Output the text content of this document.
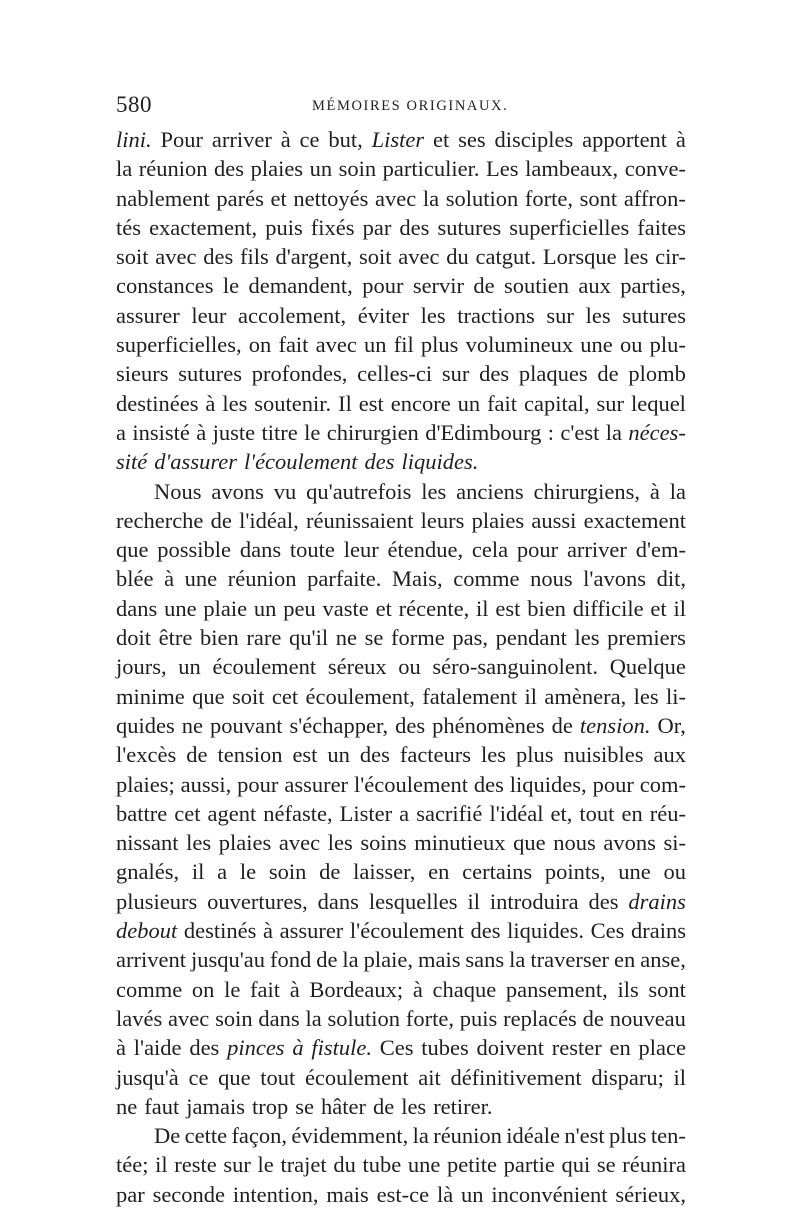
580	MÉMOIRES ORIGINAUX.
lini. Pour arriver à ce but, Lister et ses disciples apportent à
la réunion des plaies un soin particulier. Les lambeaux, conve-
nablement parés et nettoyés avec la solution forte, sont affron-
tés exactement, puis fixés par des sutures superficielles faites
soit avec des fils d'argent, soit avec du catgut. Lorsque les cir-
constances le demandent, pour servir de soutien aux parties,
assurer leur accolement, éviter les tractions sur les sutures
superficielles, on fait avec un fil plus volumineux une ou plu-
sieurs sutures profondes, celles-ci sur des plaques de plomb
destinées à les soutenir. Il est encore un fait capital, sur lequel
a insisté à juste titre le chirurgien d'Edimbourg : c'est la néces-
sité d'assurer l'écoulement des liquides.
Nous avons vu qu'autrefois les anciens chirurgiens, à la
recherche de l'idéal, réunissaient leurs plaies aussi exactement
que possible dans toute leur étendue, cela pour arriver d'em-
blée à une réunion parfaite. Mais, comme nous l'avons dit,
dans une plaie un peu vaste et récente, il est bien difficile et il
doit être bien rare qu'il ne se forme pas, pendant les premiers
jours, un écoulement séreux ou séro-sanguinolent. Quelque
minime que soit cet écoulement, fatalement il amènera, les li-
quides ne pouvant s'échapper, des phénomènes de tension. Or,
l'excès de tension est un des facteurs les plus nuisibles aux
plaies; aussi, pour assurer l'écoulement des liquides, pour com-
battre cet agent néfaste, Lister a sacrifié l'idéal et, tout en réu-
nissant les plaies avec les soins minutieux que nous avons si-
gnalés, il a le soin de laisser, en certains points, une ou
plusieurs ouvertures, dans lesquelles il introduira des drains
debout destinés à assurer l'écoulement des liquides. Ces drains
arrivent jusqu'au fond de la plaie, mais sans la traverser en anse,
comme on le fait à Bordeaux; à chaque pansement, ils sont
lavés avec soin dans la solution forte, puis replacés de nouveau
à l'aide des pinces à fistule. Ces tubes doivent rester en place
jusqu'à ce que tout écoulement ait définitivement disparu; il
ne faut jamais trop se hâter de les retirer.
De cette façon, évidemment, la réunion idéale n'est plus ten-
tée; il reste sur le trajet du tube une petite partie qui se réunira
par seconde intention, mais est-ce là un inconvénient sérieux,
